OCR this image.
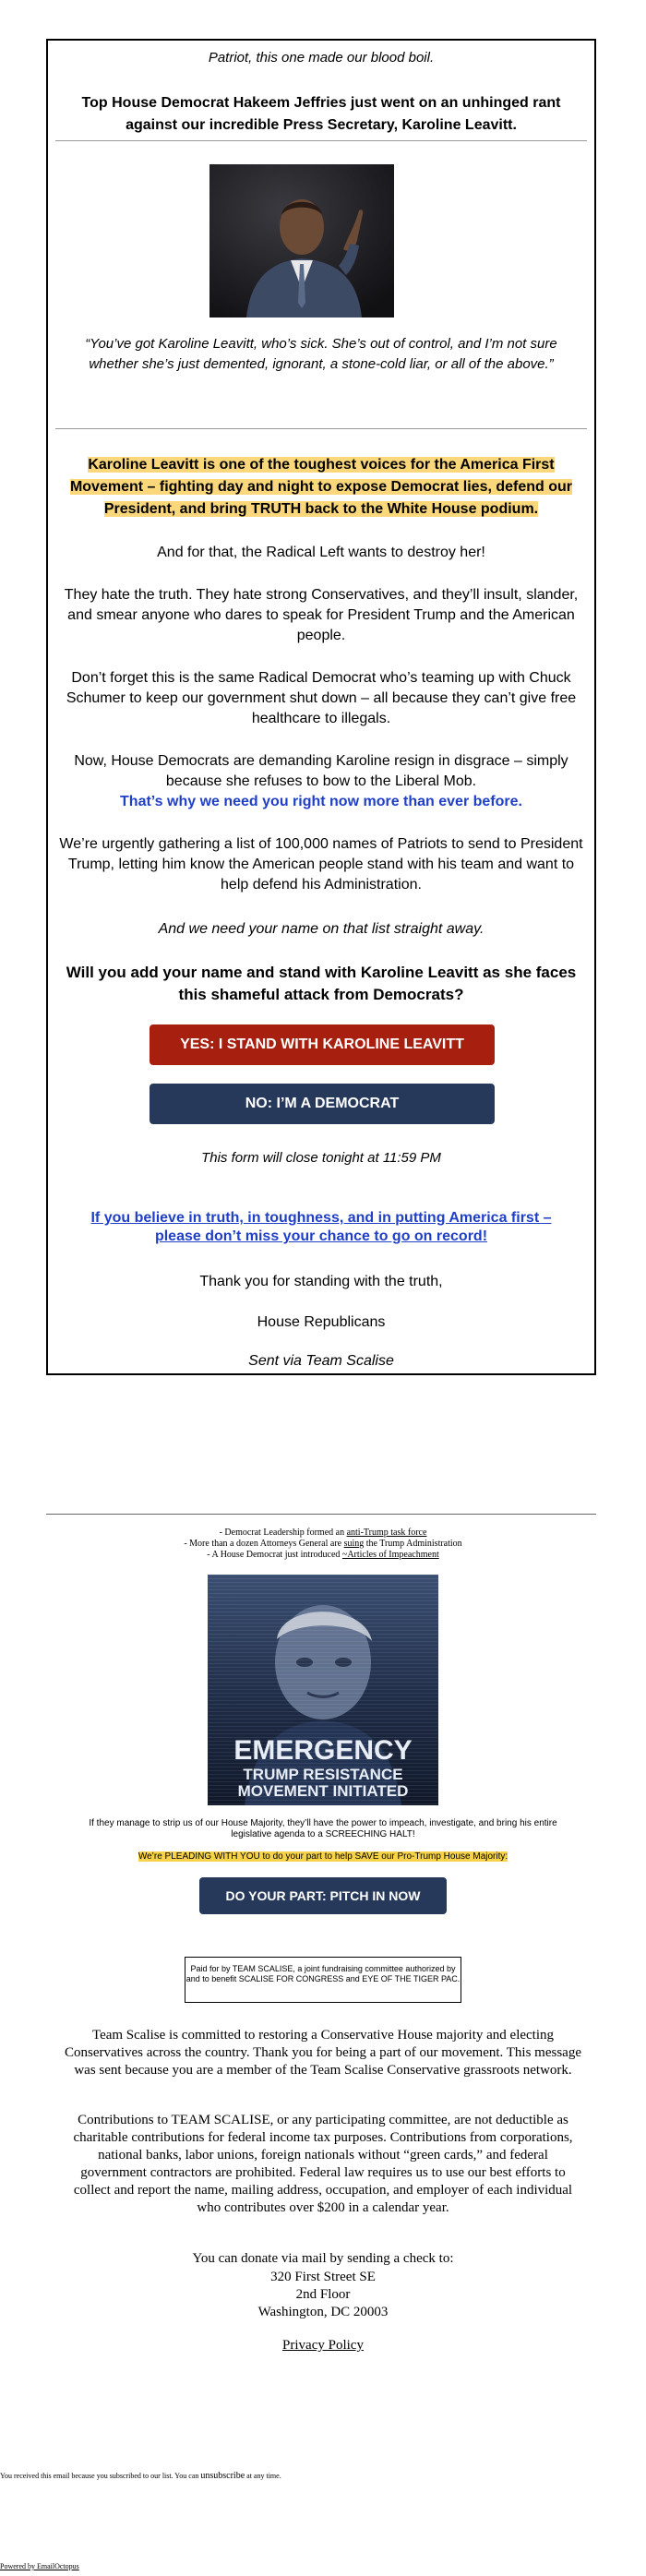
Patriot, this one made our blood boil.
Top House Democrat Hakeem Jeffries just went on an unhinged rant against our incredible Press Secretary, Karoline Leavitt.
“You’ve got Karoline Leavitt, who’s sick. She’s out of control, and I’m not sure whether she’s just demented, ignorant, a stone-cold liar, or all of the above.”
Karoline Leavitt is one of the toughest voices for the America First Movement – fighting day and night to expose Democrat lies, defend our President, and bring TRUTH back to the White House podium.
And for that, the Radical Left wants to destroy her!
They hate the truth. They hate strong Conservatives, and they’ll insult, slander, and smear anyone who dares to speak for President Trump and the American people.
Don’t forget this is the same Radical Democrat who’s teaming up with Chuck Schumer to keep our government shut down – all because they can’t give free healthcare to illegals.
Now, House Democrats are demanding Karoline resign in disgrace – simply because she refuses to bow to the Liberal Mob.
That’s why we need you right now more than ever before.
We’re urgently gathering a list of 100,000 names of Patriots to send to President Trump, letting him know the American people stand with his team and want to help defend his Administration.
And we need your name on that list straight away.
Will you add your name and stand with Karoline Leavitt as she faces this shameful attack from Democrats?
YES: I STAND WITH KAROLINE LEAVITT
NO: I’M A DEMOCRAT
This form will close tonight at 11:59 PM
If you believe in truth, in toughness, and in putting America first – please don’t miss your chance to go on record!
Thank you for standing with the truth,
House Republicans
Sent via Team Scalise
- Democrat Leadership formed an anti-Trump task force
- More than a dozen Attorneys General are suing the Trump Administration
- A House Democrat just introduced ~Articles of Impeachment
EMERGENCY
TRUMP RESISTANCE
MOVEMENT INITIATED
If they manage to strip us of our House Majority, they’ll have the power to impeach, investigate, and bring his entire legislative agenda to a SCREECHING HALT!
We’re PLEADING WITH YOU to do your part to help SAVE our Pro-Trump House Majority:
DO YOUR PART: PITCH IN NOW
Paid for by TEAM SCALISE, a joint fundraising committee authorized by and to benefit SCALISE FOR CONGRESS and EYE OF THE TIGER PAC.
Team Scalise is committed to restoring a Conservative House majority and electing Conservatives across the country. Thank you for being a part of our movement. This message was sent because you are a member of the Team Scalise Conservative grassroots network.
Contributions to TEAM SCALISE, or any participating committee, are not deductible as charitable contributions for federal income tax purposes. Contributions from corporations, national banks, labor unions, foreign nationals without “green cards,” and federal government contractors are prohibited. Federal law requires us to use our best efforts to collect and report the name, mailing address, occupation, and employer of each individual who contributes over $200 in a calendar year.
You can donate via mail by sending a check to:
320 First Street SE
2nd Floor
Washington, DC 20003
Privacy Policy
You received this email because you subscribed to our list. You can unsubscribe at any time.
Powered by EmailOctopus
